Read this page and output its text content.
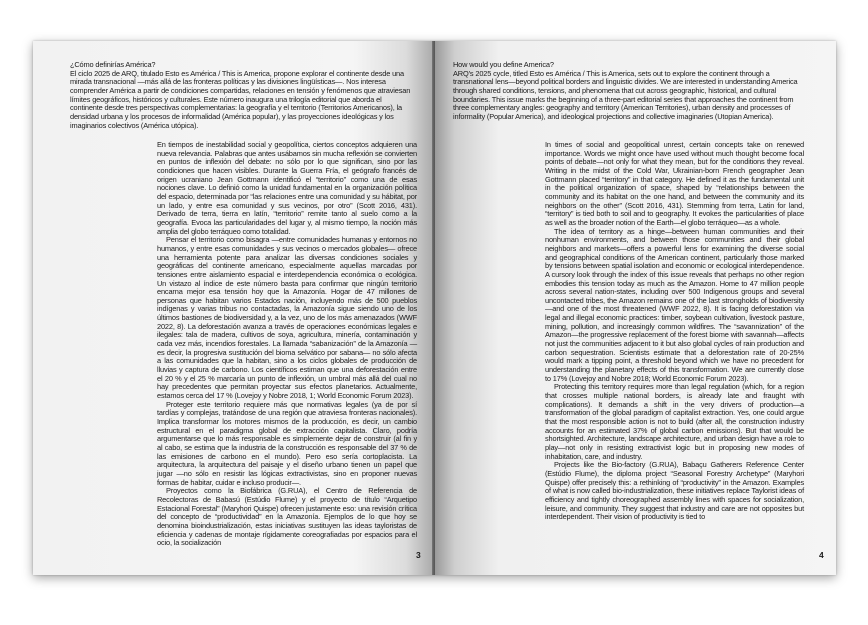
¿Cómo definirías América?

El ciclo 2025 de ARQ, titulado Esto es América / This is America, propone explorar el continente desde una mirada transnacional —más allá de las fronteras políticas y las divisiones lingüísticas—. Nos interesa comprender América a partir de condiciones compartidas, relaciones en tensión y fenómenos que atraviesan límites geográficos, históricos y culturales. Este número inaugura una trilogía editorial que aborda el continente desde tres perspectivas complementarias: la geografía y el territorio (Territorios Americanos), la densidad urbana y los procesos de informalidad (América popular), y las proyecciones ideológicas y los imaginarios colectivos (América utópica).

En tiempos de inestabilidad social y geopolítica, ciertos conceptos adquieren una nueva relevancia. Palabras que antes usábamos sin mucha reflexión se convierten en puntos de inflexión del debate: no sólo por lo que significan, sino por las condiciones que hacen visibles. Durante la Guerra Fría, el geógrafo francés de origen ucraniano Jean Gottmann identificó el “territorio” como una de esas nociones clave. Lo definió como la unidad fundamental en la organización política del espacio, determinada por “las relaciones entre una comunidad y su hábitat, por un lado, y entre esa comunidad y sus vecinos, por otro” (Scott 2016, 431). Derivado de terra, tierra en latín, “territorio” remite tanto al suelo como a la geografía. Evoca las particularidades del lugar y, al mismo tiempo, la noción más amplia del globo terráqueo como totalidad.

Pensar el territorio como bisagra —entre comunidades humanas y entornos no humanos, y entre esas comunidades y sus vecinos o mercados globales— ofrece una herramienta potente para analizar las diversas condiciones sociales y geográficas del continente americano, especialmente aquellas marcadas por tensiones entre aislamiento espacial e interdependencia económica o ecológica. Un vistazo al índice de este número basta para confirmar que ningún territorio encarna mejor esa tensión hoy que la Amazonía. Hogar de 47 millones de personas que habitan varios Estados nación, incluyendo más de 500 pueblos indígenas y varias tribus no contactadas, la Amazonía sigue siendo uno de los últimos bastiones de biodiversidad y, a la vez, uno de los más amenazados (WWF 2022, 8). La deforestación avanza a través de operaciones económicas legales e ilegales: tala de madera, cultivos de soya, agricultura, minería, contaminación y cada vez más, incendios forestales. La llamada “sabanización” de la Amazonía —es decir, la progresiva sustitución del bioma selvático por sabana— no sólo afecta a las comunidades que la habitan, sino a los ciclos globales de producción de lluvias y captura de carbono. Los científicos estiman que una deforestación entre el 20 % y el 25 % marcaría un punto de inflexión, un umbral más allá del cual no hay precedentes que permitan proyectar sus efectos planetarios. Actualmente, estamos cerca del 17 % (Lovejoy y Nobre 2018, 1; World Economic Forum 2023).

Proteger este territorio requiere más que normativas legales (ya de por sí tardías y complejas, tratándose de una región que atraviesa fronteras nacionales). Implica transformar los motores mismos de la producción, es decir, un cambio estructural en el paradigma global de extracción capitalista. Claro, podría argumentarse que lo más responsable es simplemente dejar de construir (al fin y al cabo, se estima que la industria de la construcción es responsable del 37 % de las emisiones de carbono en el mundo). Pero eso sería cortoplacista. La arquitectura, la arquitectura del paisaje y el diseño urbano tienen un papel que jugar —no sólo en resistir las lógicas extractivistas, sino en proponer nuevas formas de habitar, cuidar e incluso producir—.

Proyectos como la Biofábrica (G.RUA), el Centro de Referencia de Recolectoras de Babasú (Estúdio Flume) y el proyecto de título “Arquetipo Estacional Forestal” (Maryhori Quispe) ofrecen justamente eso: una revisión crítica del concepto de “productividad” en la Amazonía. Ejemplos de lo que hoy se denomina bioindustrialización, estas iniciativas sustituyen las ideas tayloristas de eficiencia y cadenas de montaje rígidamente coreografiadas por espacios para el ocio, la socialización

3

How would you define America?

ARQ’s 2025 cycle, titled Esto es América / This is America, sets out to explore the continent through a transnational lens—beyond political borders and linguistic divides. We are interested in understanding America through shared conditions, tensions, and phenomena that cut across geographic, historical, and cultural boundaries. This issue marks the beginning of a three-part editorial series that approaches the continent from three complementary angles: geography and territory (American Territories), urban density and processes of informality (Popular America), and ideological projections and collective imaginaries (Utopian America).

In times of social and geopolitical unrest, certain concepts take on renewed importance. Words we might once have used without much thought become focal points of debate—not only for what they mean, but for the conditions they reveal. Writing in the midst of the Cold War, Ukrainian-born French geographer Jean Gottmann placed “territory” in that category. He defined it as the fundamental unit in the political organization of space, shaped by “relationships between the community and its habitat on the one hand, and between the community and its neighbors on the other” (Scott 2016, 431). Stemming from terra, Latin for land, “territory” is tied both to soil and to geography. It evokes the particularities of place as well as the broader notion of the Earth—el globo terráqueo—as a whole.

The idea of territory as a hinge—between human communities and their nonhuman environments, and between those communities and their global neighbors and markets—offers a powerful lens for examining the diverse social and geographical conditions of the American continent, particularly those marked by tensions between spatial isolation and economic or ecological interdependence. A cursory look through the index of this issue reveals that perhaps no other region embodies this tension today as much as the Amazon. Home to 47 million people across several nation-states, including over 500 Indigenous groups and several uncontacted tribes, the Amazon remains one of the last strongholds of biodiversity—and one of the most threatened (WWF 2022, 8). It is facing deforestation via legal and illegal economic practices: timber, soybean cultivation, livestock pasture, mining, pollution, and increasingly common wildfires. The “savannization” of the Amazon—the progressive replacement of the forest biome with savannah—affects not just the communities adjacent to it but also global cycles of rain production and carbon sequestration. Scientists estimate that a deforestation rate of 20-25% would mark a tipping point, a threshold beyond which we have no precedent for understanding the planetary effects of this transformation. We are currently close to 17% (Lovejoy and Nobre 2018; World Economic Forum 2023).

Protecting this territory requires more than legal regulation (which, for a region that crosses multiple national borders, is already late and fraught with complications). It demands a shift in the very drivers of production—a transformation of the global paradigm of capitalist extraction. Yes, one could argue that the most responsible action is not to build (after all, the construction industry accounts for an estimated 37% of global carbon emissions). But that would be shortsighted. Architecture, landscape architecture, and urban design have a role to play—not only in resisting extractivist logic but in proposing new modes of inhabitation, care, and industry.

Projects like the Bio-factory (G.RUA), Babaçu Gatherers Reference Center (Estúdio Flume), the diploma project “Seasonal Forestry Archetype” (Maryhori Quispe) offer precisely this: a rethinking of “productivity” in the Amazon. Examples of what is now called bio-industrialization, these initiatives replace Taylorist ideas of efficiency and tightly choreographed assembly lines with spaces for socialization, leisure, and community. They suggest that industry and care are not opposites but interdependent. Their vision of productivity is tied to

4
